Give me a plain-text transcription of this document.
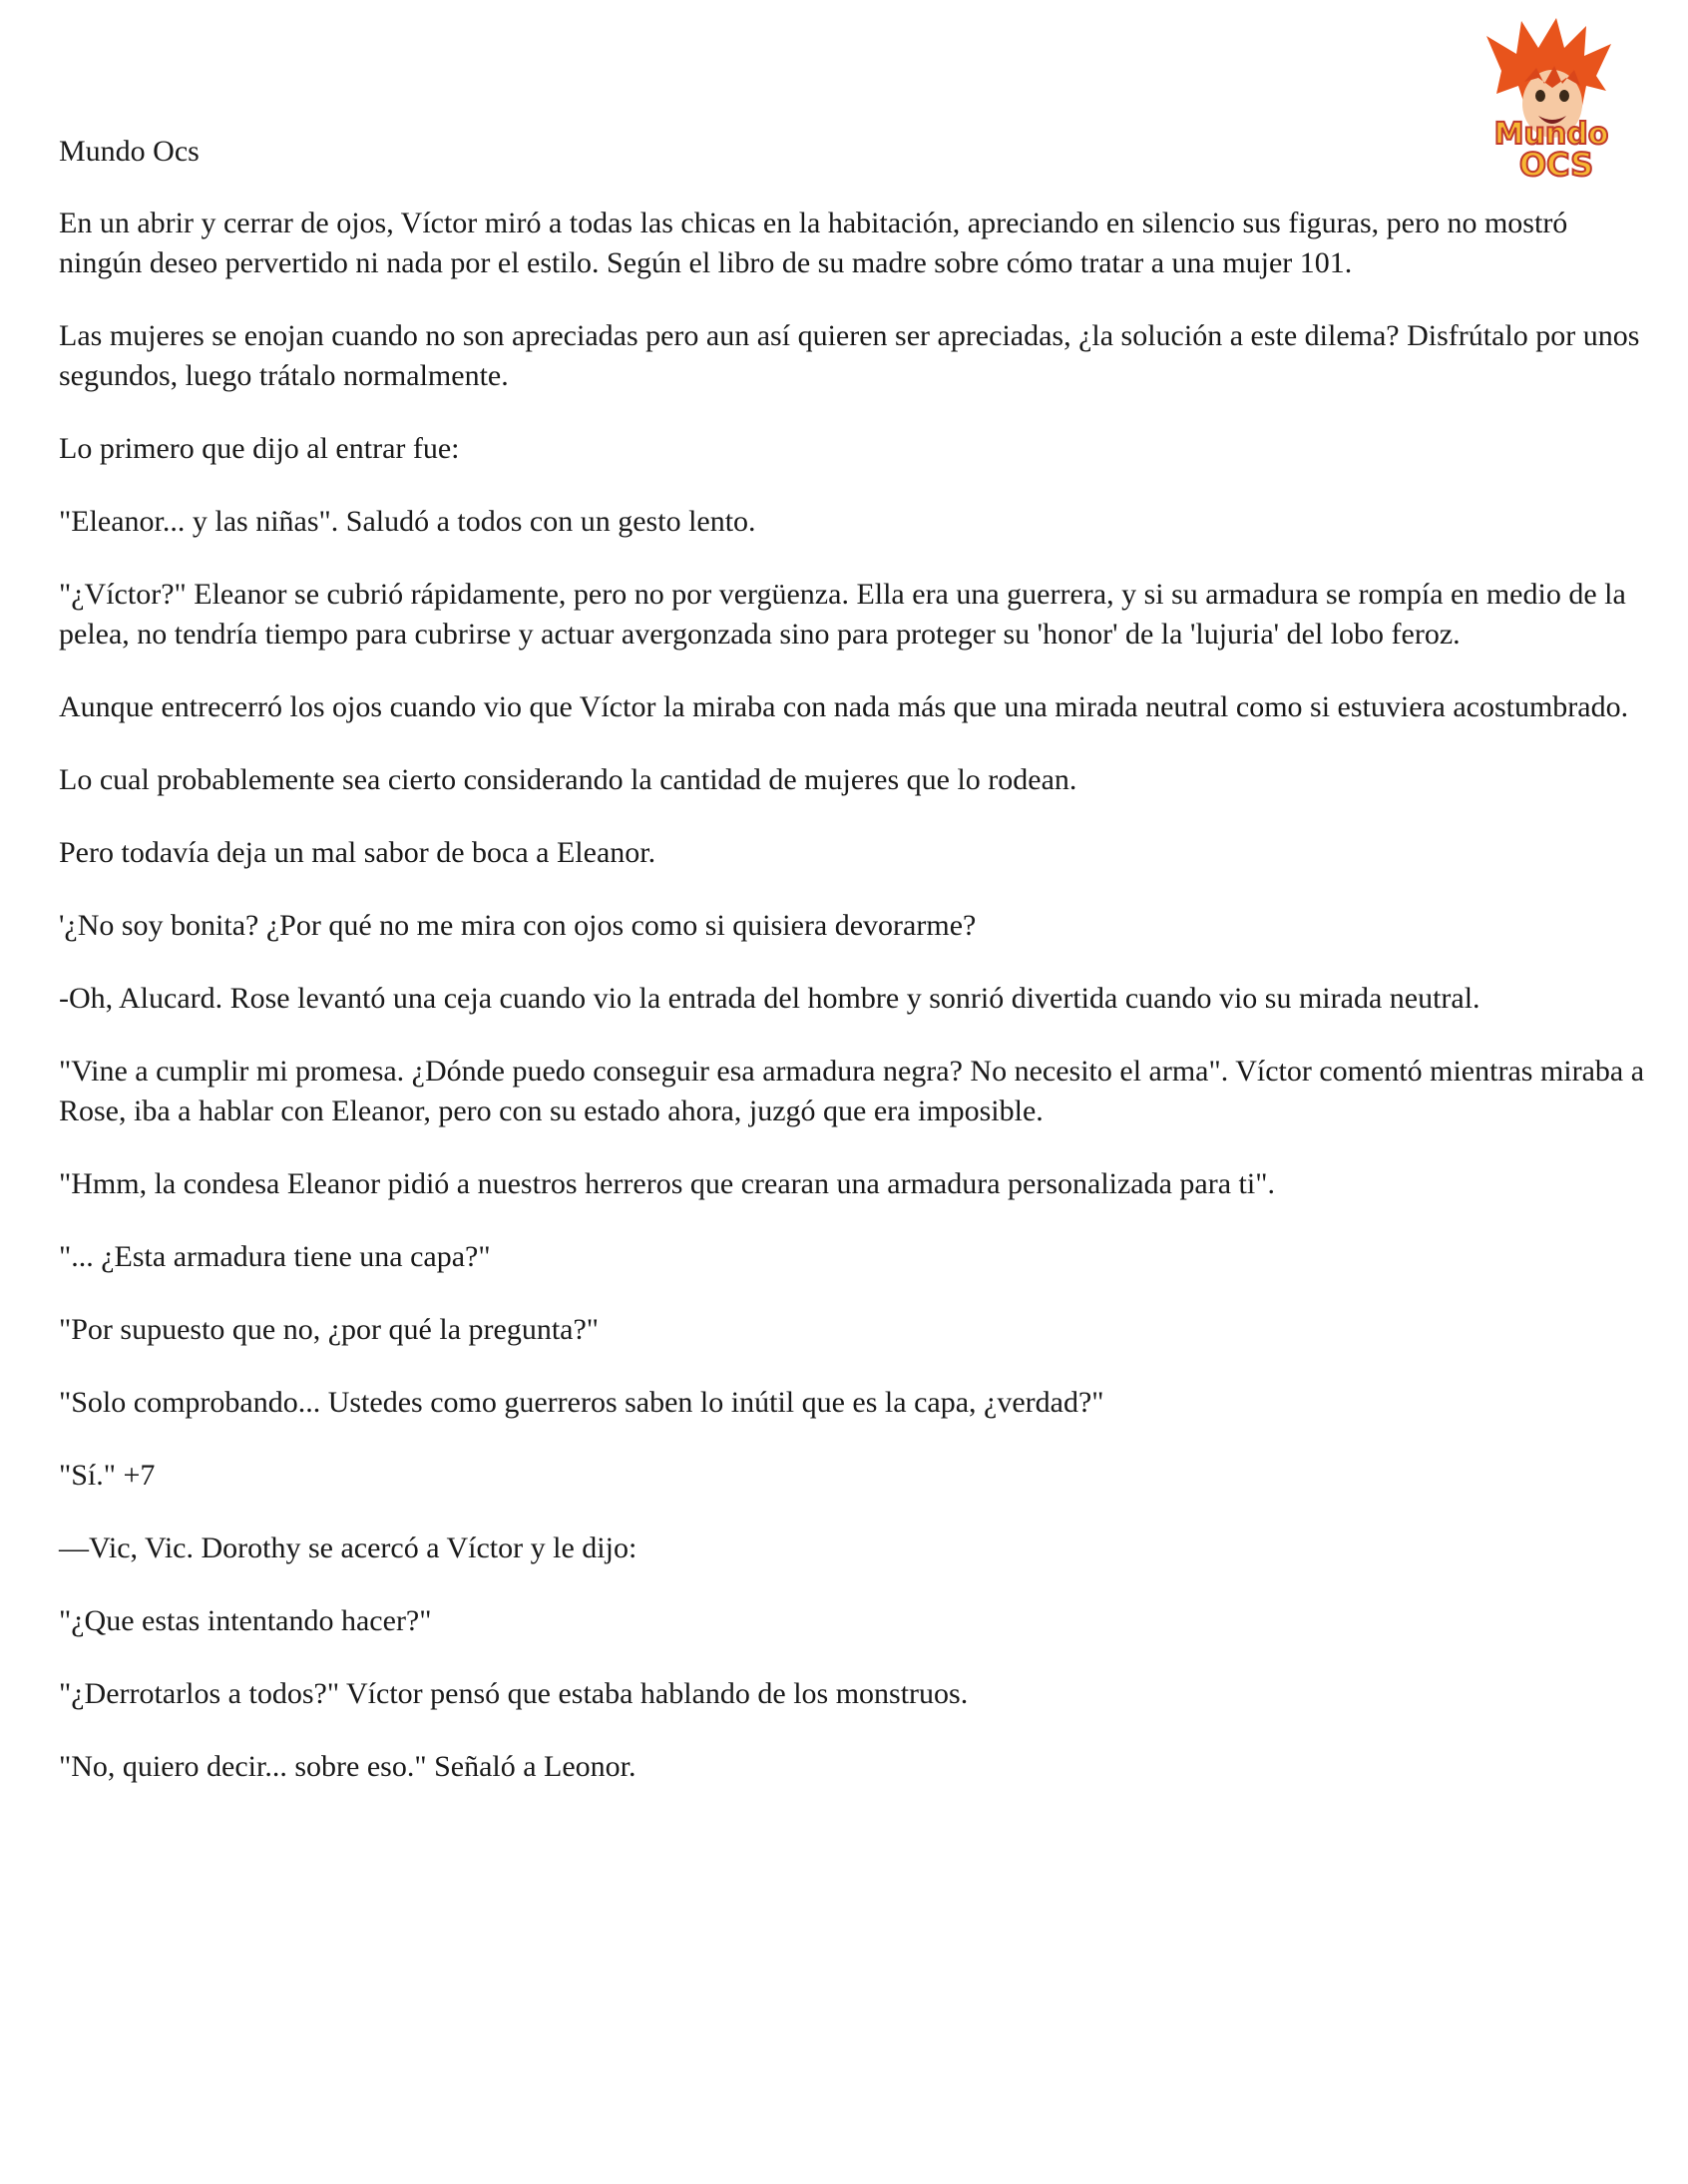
Mundo Ocs	Mundo
OCS

En un abrir y cerrar de ojos, Víctor miró a todas las chicas en la habitación, apreciando en silencio sus figuras, pero no mostró ningún deseo pervertido ni nada por el estilo. Según el libro de su madre sobre cómo tratar a una mujer 101.

Las mujeres se enojan cuando no son apreciadas pero aun así quieren ser apreciadas, ¿la solución a este dilema? Disfrútalo por unos segundos, luego trátalo normalmente.

Lo primero que dijo al entrar fue:

"Eleanor... y las niñas". Saludó a todos con un gesto lento.

"¿Víctor?" Eleanor se cubrió rápidamente, pero no por vergüenza. Ella era una guerrera, y si su armadura se rompía en medio de la pelea, no tendría tiempo para cubrirse y actuar avergonzada sino para proteger su 'honor' de la 'lujuria' del lobo feroz.

Aunque entrecerró los ojos cuando vio que Víctor la miraba con nada más que una mirada neutral como si estuviera acostumbrado.

Lo cual probablemente sea cierto considerando la cantidad de mujeres que lo rodean.

Pero todavía deja un mal sabor de boca a Eleanor.

'¿No soy bonita? ¿Por qué no me mira con ojos como si quisiera devorarme?

-Oh, Alucard. Rose levantó una ceja cuando vio la entrada del hombre y sonrió divertida cuando vio su mirada neutral.

"Vine a cumplir mi promesa. ¿Dónde puedo conseguir esa armadura negra? No necesito el arma". Víctor comentó mientras miraba a Rose, iba a hablar con Eleanor, pero con su estado ahora, juzgó que era imposible.

"Hmm, la condesa Eleanor pidió a nuestros herreros que crearan una armadura personalizada para ti".

"... ¿Esta armadura tiene una capa?"

"Por supuesto que no, ¿por qué la pregunta?"

"Solo comprobando... Ustedes como guerreros saben lo inútil que es la capa, ¿verdad?"

"Sí." +7

—Vic, Vic. Dorothy se acercó a Víctor y le dijo:

"¿Que estas intentando hacer?"

"¿Derrotarlos a todos?" Víctor pensó que estaba hablando de los monstruos.

"No, quiero decir... sobre eso." Señaló a Leonor.
